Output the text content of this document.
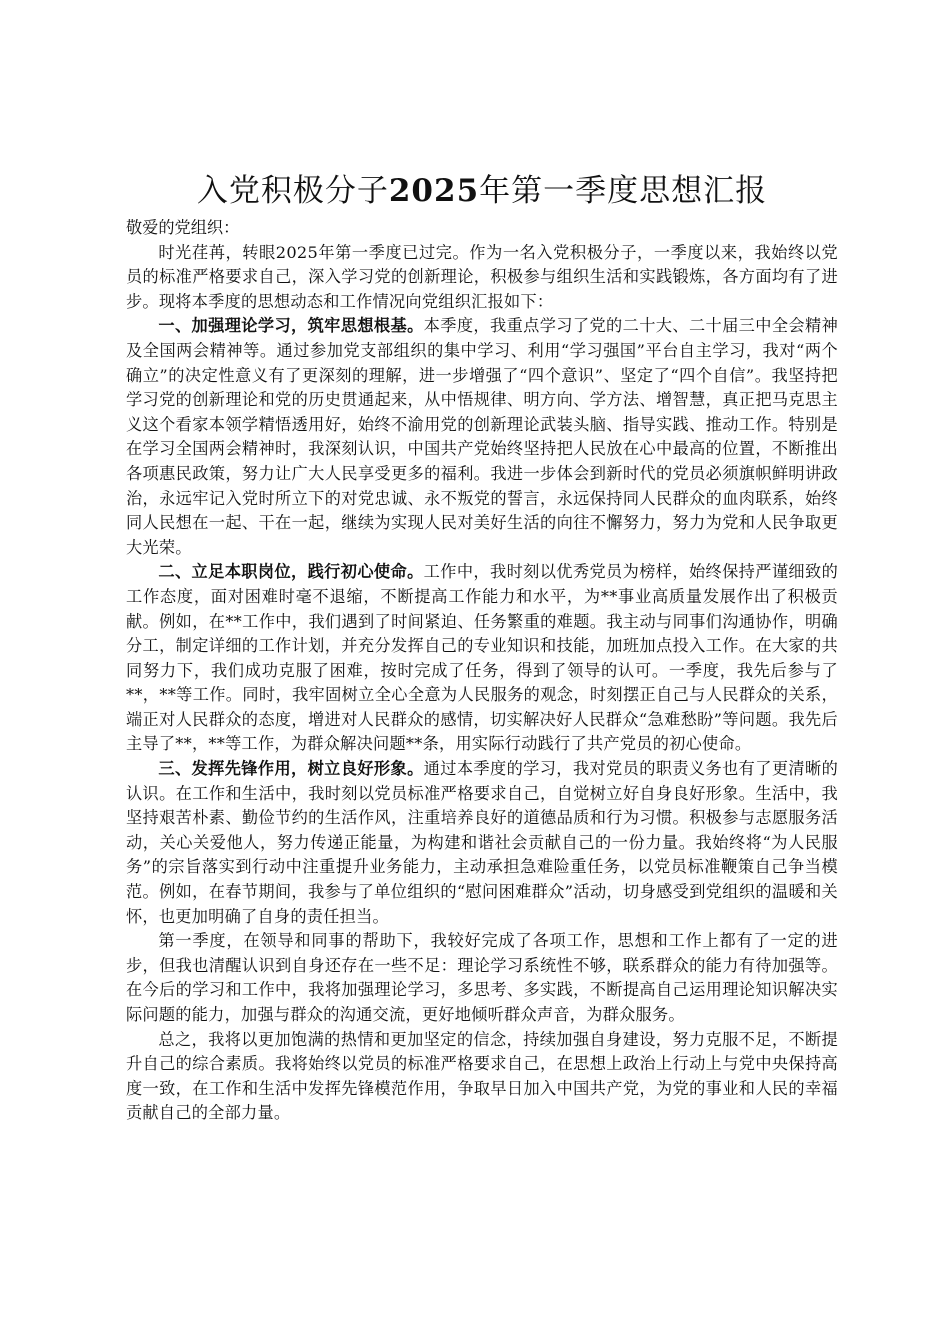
入党积极分子2025年第一季度思想汇报

敬爱的党组织：

时光荏苒，转眼2025年第一季度已过完。作为一名入党积极分子，一季度以来，我始终以党员的标准严格要求自己，深入学习党的创新理论，积极参与组织生活和实践锻炼，各方面均有了进步。现将本季度的思想动态和工作情况向党组织汇报如下：

一、加强理论学习，筑牢思想根基。本季度，我重点学习了党的二十大、二十届三中全会精神及全国两会精神等。通过参加党支部组织的集中学习、利用“学习强国”平台自主学习，我对“两个确立”的决定性意义有了更深刻的理解，进一步增强了“四个意识”、坚定了“四个自信”。我坚持把学习党的创新理论和党的历史贯通起来，从中悟规律、明方向、学方法、增智慧，真正把马克思主义这个看家本领学精悟透用好，始终不渝用党的创新理论武装头脑、指导实践、推动工作。特别是在学习全国两会精神时，我深刻认识，中国共产党始终坚持把人民放在心中最高的位置，不断推出各项惠民政策，努力让广大人民享受更多的福利。我进一步体会到新时代的党员必须旗帜鲜明讲政治，永远牢记入党时所立下的对党忠诚、永不叛党的誓言，永远保持同人民群众的血肉联系，始终同人民想在一起、干在一起，继续为实现人民对美好生活的向往不懈努力，努力为党和人民争取更大光荣。

二、立足本职岗位，践行初心使命。工作中，我时刻以优秀党员为榜样，始终保持严谨细致的工作态度，面对困难时毫不退缩，不断提高工作能力和水平，为**事业高质量发展作出了积极贡献。例如，在**工作中，我们遇到了时间紧迫、任务繁重的难题。我主动与同事们沟通协作，明确分工，制定详细的工作计划，并充分发挥自己的专业知识和技能，加班加点投入工作。在大家的共同努力下，我们成功克服了困难，按时完成了任务，得到了领导的认可。一季度，我先后参与了**，**等工作。同时，我牢固树立全心全意为人民服务的观念，时刻摆正自己与人民群众的关系，端正对人民群众的态度，增进对人民群众的感情，切实解决好人民群众“急难愁盼”等问题。我先后主导了**，**等工作，为群众解决问题**条，用实际行动践行了共产党员的初心使命。

三、发挥先锋作用，树立良好形象。通过本季度的学习，我对党员的职责义务也有了更清晰的认识。在工作和生活中，我时刻以党员标准严格要求自己，自觉树立好自身良好形象。生活中，我坚持艰苦朴素、勤俭节约的生活作风，注重培养良好的道德品质和行为习惯。积极参与志愿服务活动，关心关爱他人，努力传递正能量，为构建和谐社会贡献自己的一份力量。我始终将“为人民服务”的宗旨落实到行动中注重提升业务能力，主动承担急难险重任务，以党员标准鞭策自己争当模范。例如，在春节期间，我参与了单位组织的“慰问困难群众”活动，切身感受到党组织的温暖和关怀，也更加明确了自身的责任担当。

第一季度，在领导和同事的帮助下，我较好完成了各项工作，思想和工作上都有了一定的进步，但我也清醒认识到自身还存在一些不足：理论学习系统性不够，联系群众的能力有待加强等。在今后的学习和工作中，我将加强理论学习，多思考、多实践，不断提高自己运用理论知识解决实际问题的能力，加强与群众的沟通交流，更好地倾听群众声音，为群众服务。

总之，我将以更加饱满的热情和更加坚定的信念，持续加强自身建设，努力克服不足，不断提升自己的综合素质。我将始终以党员的标准严格要求自己，在思想上政治上行动上与党中央保持高度一致，在工作和生活中发挥先锋模范作用，争取早日加入中国共产党，为党的事业和人民的幸福贡献自己的全部力量。
